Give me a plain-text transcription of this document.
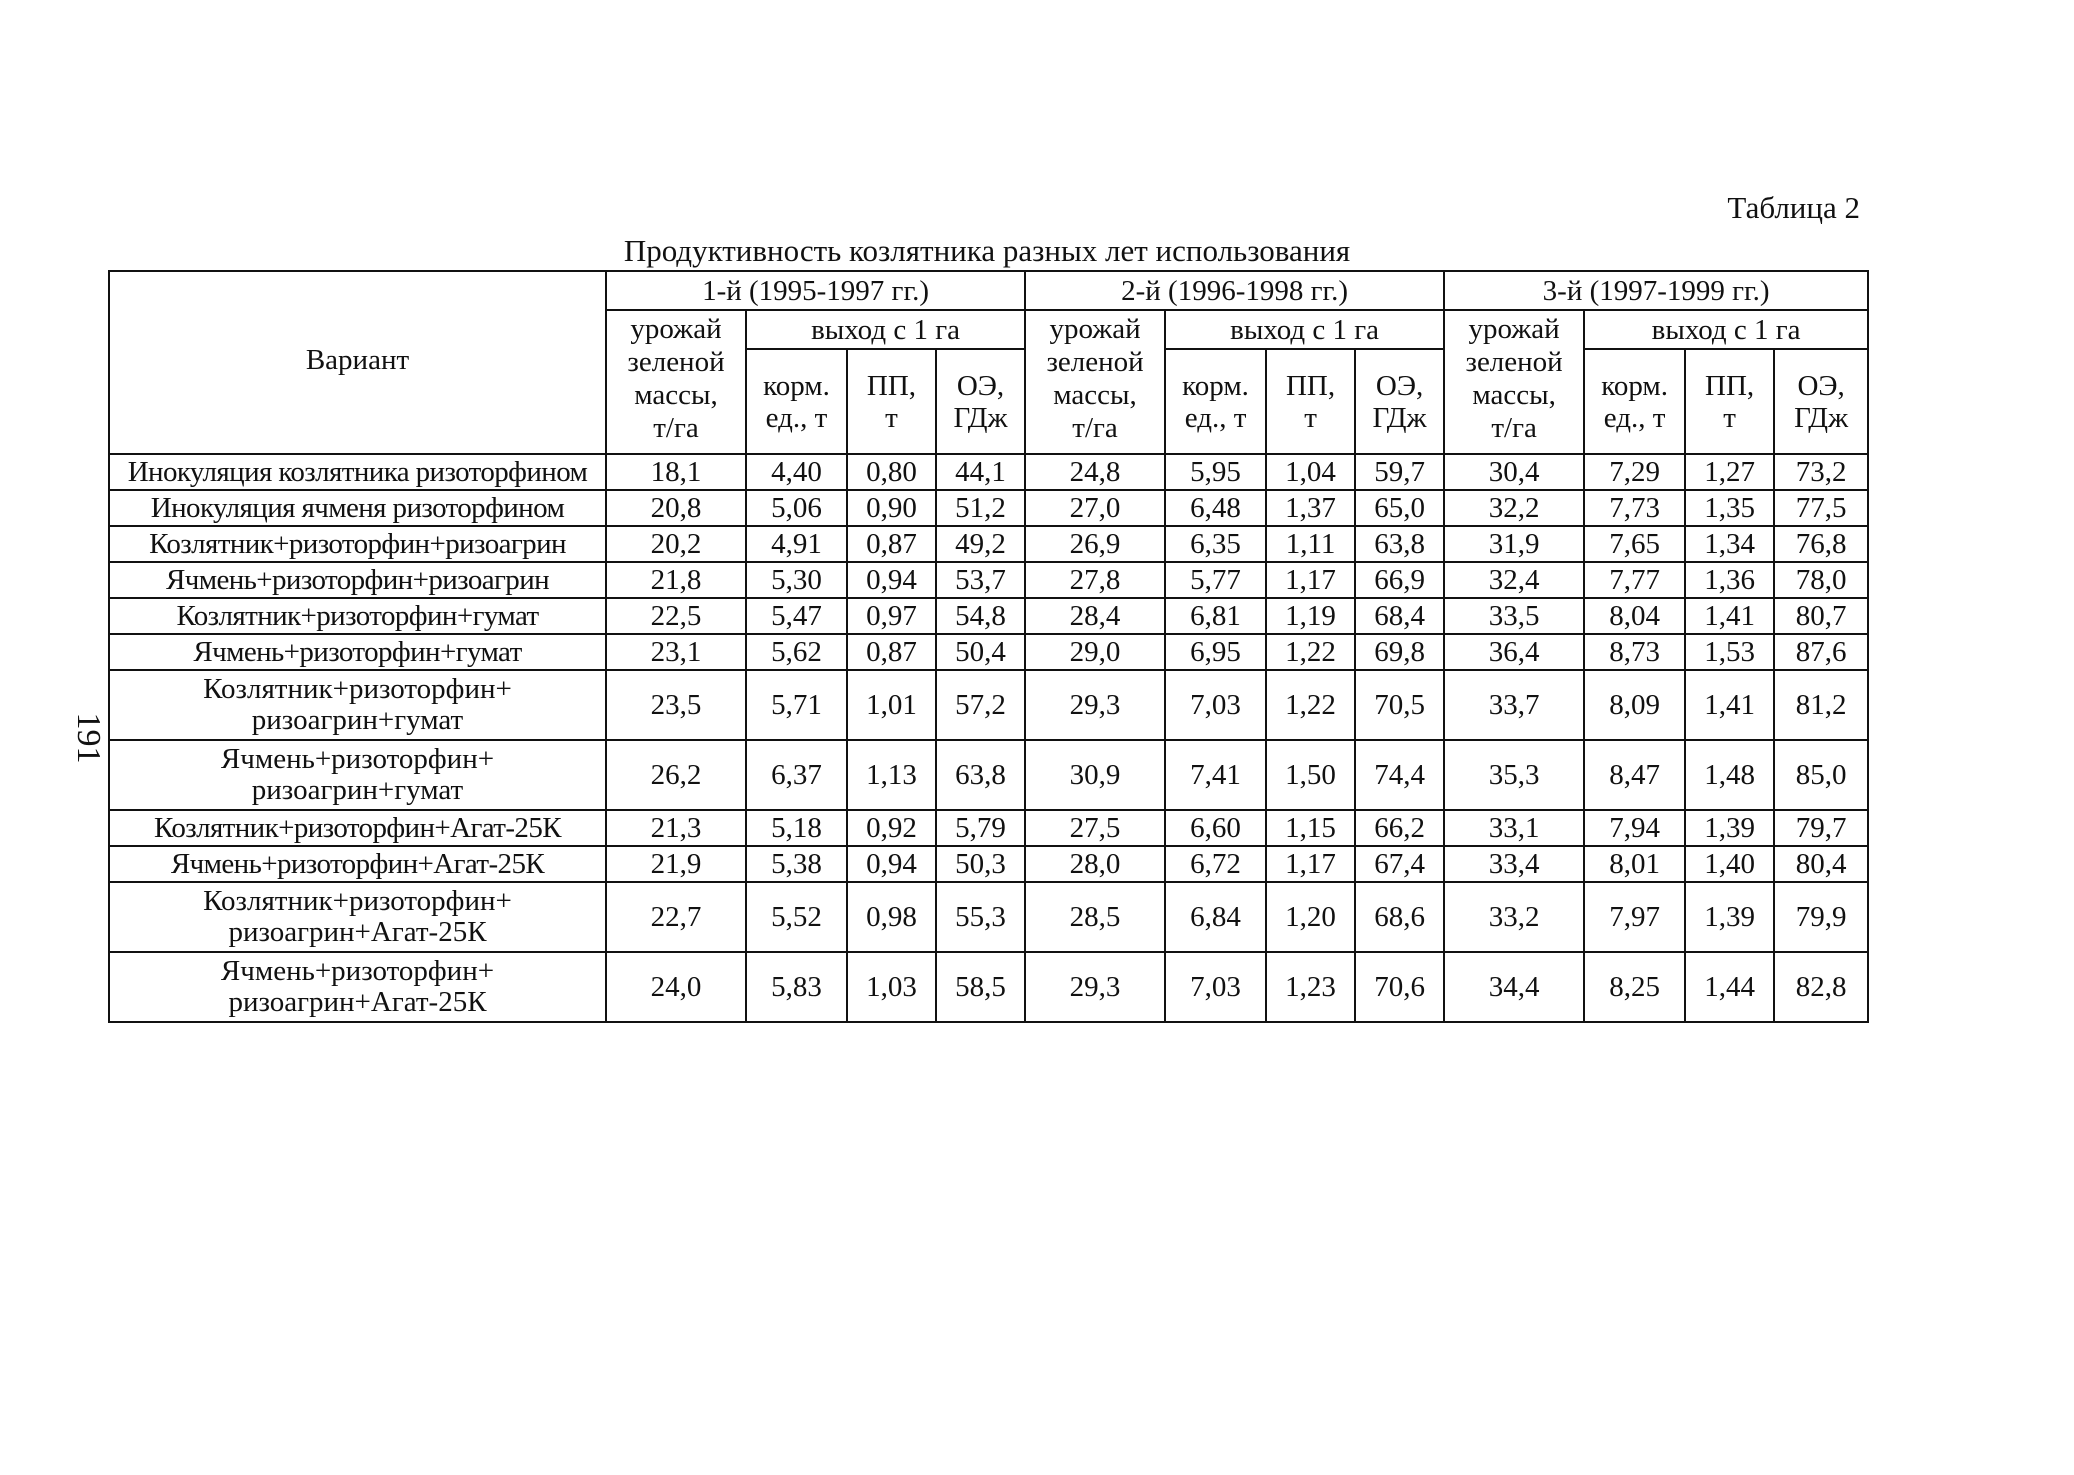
191
Таблица 2
Продуктивность козлятника разных лет использования
Вариант	1-й (1995-1997 гг.)				2-й (1996-1998 гг.)				3-й (1997-1999 гг.)			
	урожай
зеленой
массы,
т/га	выход с 1 га			урожай
зеленой
массы,
т/га	выход с 1 га			урожай
зеленой
массы,
т/га	выход с 1 га		
		корм.
ед., т	ПП,
т	ОЭ,
ГДж		корм.
ед., т	ПП,
т	ОЭ,
ГДж		корм.
ед., т	ПП,
т	ОЭ,
ГДж
Инокуляция козлятника ризоторфином	18,1	4,40	0,80	44,1	24,8	5,95	1,04	59,7	30,4	7,29	1,27	73,2
Инокуляция ячменя ризоторфином	20,8	5,06	0,90	51,2	27,0	6,48	1,37	65,0	32,2	7,73	1,35	77,5
Козлятник+ризоторфин+ризоагрин	20,2	4,91	0,87	49,2	26,9	6,35	1,11	63,8	31,9	7,65	1,34	76,8
Ячмень+ризоторфин+ризоагрин	21,8	5,30	0,94	53,7	27,8	5,77	1,17	66,9	32,4	7,77	1,36	78,0
Козлятник+ризоторфин+гумат	22,5	5,47	0,97	54,8	28,4	6,81	1,19	68,4	33,5	8,04	1,41	80,7
Ячмень+ризоторфин+гумат	23,1	5,62	0,87	50,4	29,0	6,95	1,22	69,8	36,4	8,73	1,53	87,6
Козлятник+ризоторфин+
ризоагрин+гумат	23,5	5,71	1,01	57,2	29,3	7,03	1,22	70,5	33,7	8,09	1,41	81,2
Ячмень+ризоторфин+
ризоагрин+гумат	26,2	6,37	1,13	63,8	30,9	7,41	1,50	74,4	35,3	8,47	1,48	85,0
Козлятник+ризоторфин+Агат-25К	21,3	5,18	0,92	5,79	27,5	6,60	1,15	66,2	33,1	7,94	1,39	79,7
Ячмень+ризоторфин+Агат-25К	21,9	5,38	0,94	50,3	28,0	6,72	1,17	67,4	33,4	8,01	1,40	80,4
Козлятник+ризоторфин+
ризоагрин+Агат-25К	22,7	5,52	0,98	55,3	28,5	6,84	1,20	68,6	33,2	7,97	1,39	79,9
Ячмень+ризоторфин+
ризоагрин+Агат-25К	24,0	5,83	1,03	58,5	29,3	7,03	1,23	70,6	34,4	8,25	1,44	82,8
